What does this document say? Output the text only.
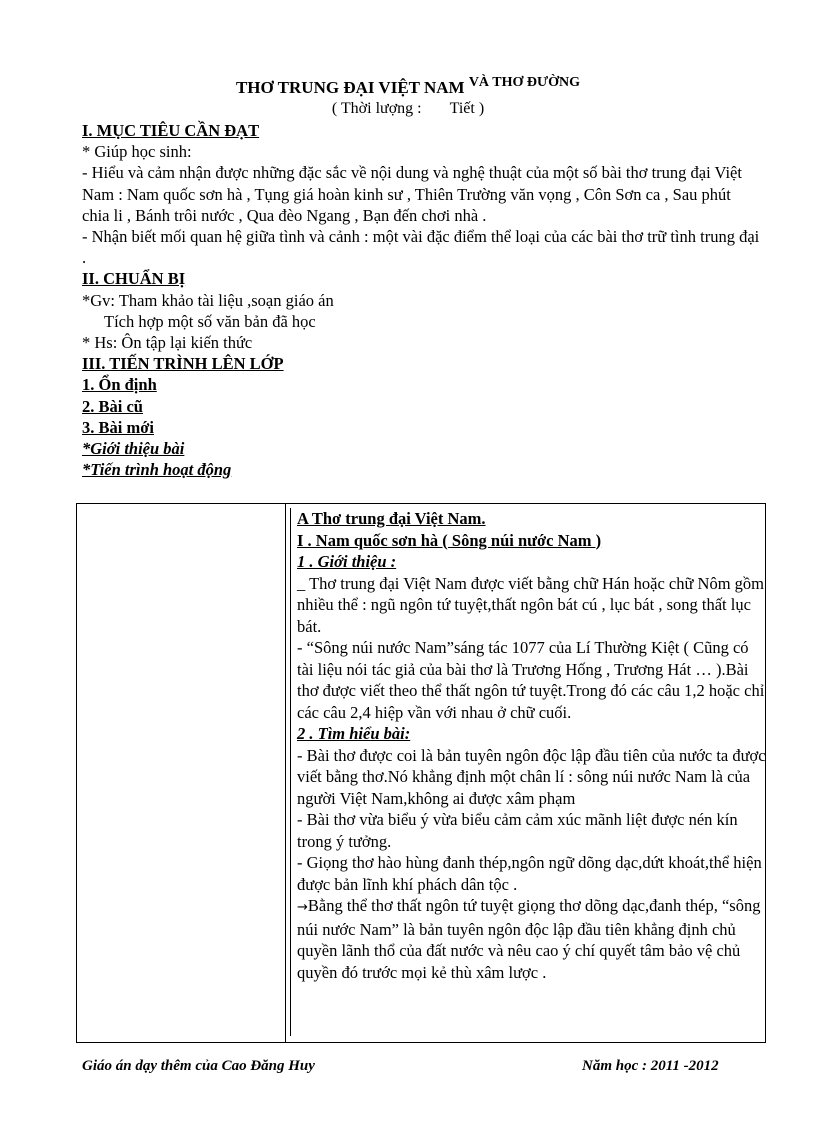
THƠ TRUNG ĐẠI VIỆT NAM $^{VÀ THƠ ĐƯỜNG}$
( Thời lượng : Tiết )

I. MỤC TIÊU CẦN ĐẠT

* Giúp học sinh:

- Hiểu và cảm nhận được những đặc sắc về nội dung và nghệ thuật của một số bài thơ trung đại Việt Nam : Nam quốc sơn hà , Tụng giá hoàn kinh sư , Thiên Trường văn vọng , Côn Sơn ca , Sau phút chia li , Bánh trôi nước , Qua đèo Ngang , Bạn đến chơi nhà .

- Nhận biết mối quan hệ giữa tình và cảnh : một vài đặc điểm thể loại của các bài thơ trữ tình trung đại .

II. CHUẨN BỊ

*Gv: Tham khảo tài liệu ,soạn giáo án

Tích hợp một số văn bản đã học

* Hs: Ôn tập lại kiến thức

III. TIẾN TRÌNH LÊN LỚP

1. Ổn định

2. Bài cũ

3. Bài mới

*Giới thiệu bài

*Tiến trình hoạt động

A Thơ trung đại Việt Nam.

I . Nam quốc sơn hà ( Sông núi nước Nam )

1 . Giới thiệu :

_ Thơ trung đại Việt Nam được viết bằng chữ Hán hoặc chữ Nôm gồm nhiều thể : ngũ ngôn tứ tuyệt,thất ngôn bát cú , lục bát , song thất lục bát.

- “Sông núi nước Nam”sáng tác 1077 của Lí Thường Kiệt ( Cũng có tài liệu nói tác giả của bài thơ là Trương Hống , Trương Hát … ).Bài thơ được viết theo thể thất ngôn tứ tuyệt.Trong đó các câu 1,2 hoặc chỉ các câu 2,4 hiệp vần với nhau ở chữ cuối.

2 . Tìm hiểu bài:

- Bài thơ được coi là bản tuyên ngôn độc lập đầu tiên của nước ta được viết bằng thơ.Nó khẳng định một chân lí : sông núi nước Nam là của người Việt Nam,không ai được xâm phạm

- Bài thơ vừa biểu ý vừa biểu cảm cảm xúc mãnh liệt được nén kín trong ý tưởng.

- Giọng thơ hào hùng đanh thép,ngôn ngữ dõng dạc,dứt khoát,thể hiện được bản lĩnh khí phách dân tộc .

→Bằng thể thơ thất ngôn tứ tuyệt giọng thơ dõng dạc,đanh thép, “sông núi nước Nam” là bản tuyên ngôn độc lập đầu tiên khẳng định chủ quyền lãnh thổ của đất nước và nêu cao ý chí quyết tâm bảo vệ chủ quyền đó trước mọi kẻ thù xâm lược .

Giáo án dạy thêm của Cao Đăng Huy	Năm học : 2011 -2012
